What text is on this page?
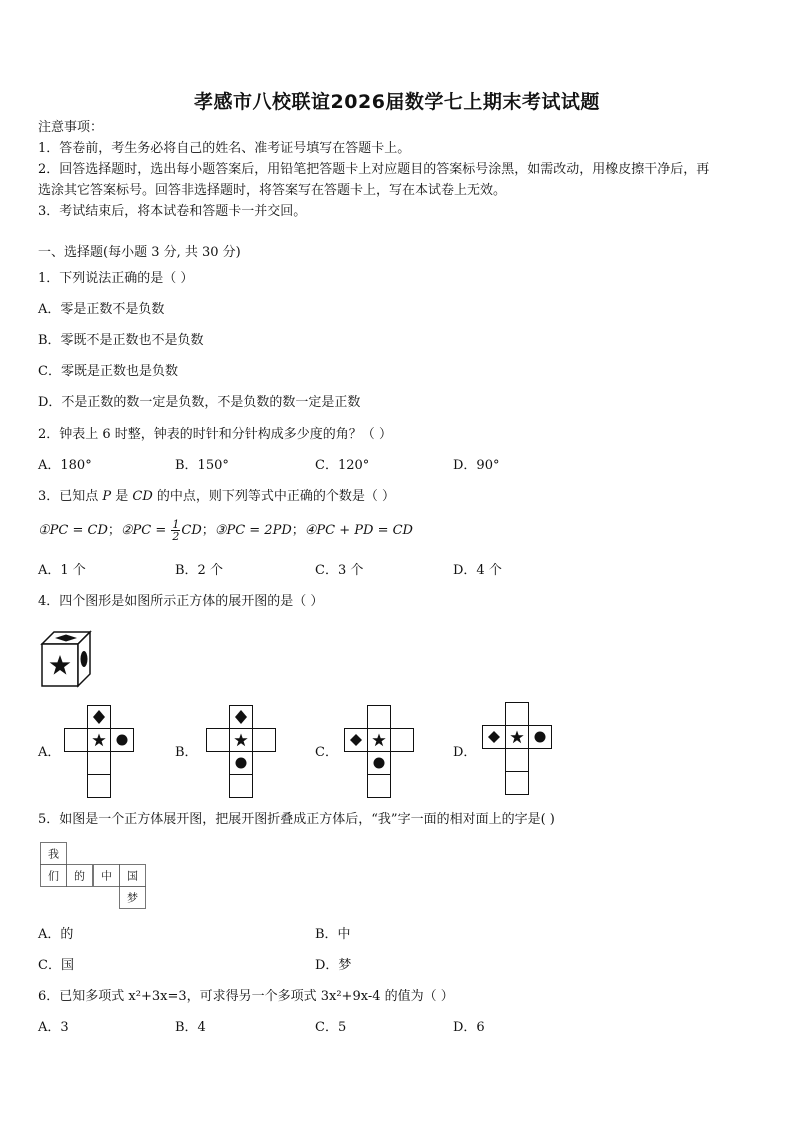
孝感市八校联谊2026届数学七上期末考试试题
注意事项：
1．答卷前，考生务必将自己的姓名、准考证号填写在答题卡上。
2．回答选择题时，选出每小题答案后，用铅笔把答题卡上对应题目的答案标号涂黑，如需改动，用橡皮擦干净后，再
选涂其它答案标号。回答非选择题时，将答案写在答题卡上，写在本试卷上无效。
3．考试结束后，将本试卷和答题卡一并交回。
一、选择题(每小题 3 分, 共 30 分)
1．下列说法正确的是（ ）
A．零是正数不是负数
B．零既不是正数也不是负数
C．零既是正数也是负数
D．不是正数的数一定是负数，不是负数的数一定是正数
2．钟表上 6 时整，钟表的时针和分针构成多少度的角？（ ）
A．180°	B．150°	C．120°	D．90°
3．已知点 P 是 CD 的中点，则下列等式中正确的个数是（ ）
①PC = CD；②PC = $\frac{1}{2}$ CD；③PC = 2PD；④PC + PD = CD
A．1 个	B．2 个	C．3 个	D．4 个
4．四个图形是如图所示正方体的展开图的是（ ）
A．	B．	C．	D．
5．如图是一个正方体展开图，把展开图折叠成正方体后，“我”字一面的相对面上的字是( )
我
们 的 中 国
梦
A．的	B．中
C．国	D．梦
6．已知多项式 x²+3x=3，可求得另一个多项式 3x²+9x-4 的值为（ ）
A．3	B．4	C．5	D．6
